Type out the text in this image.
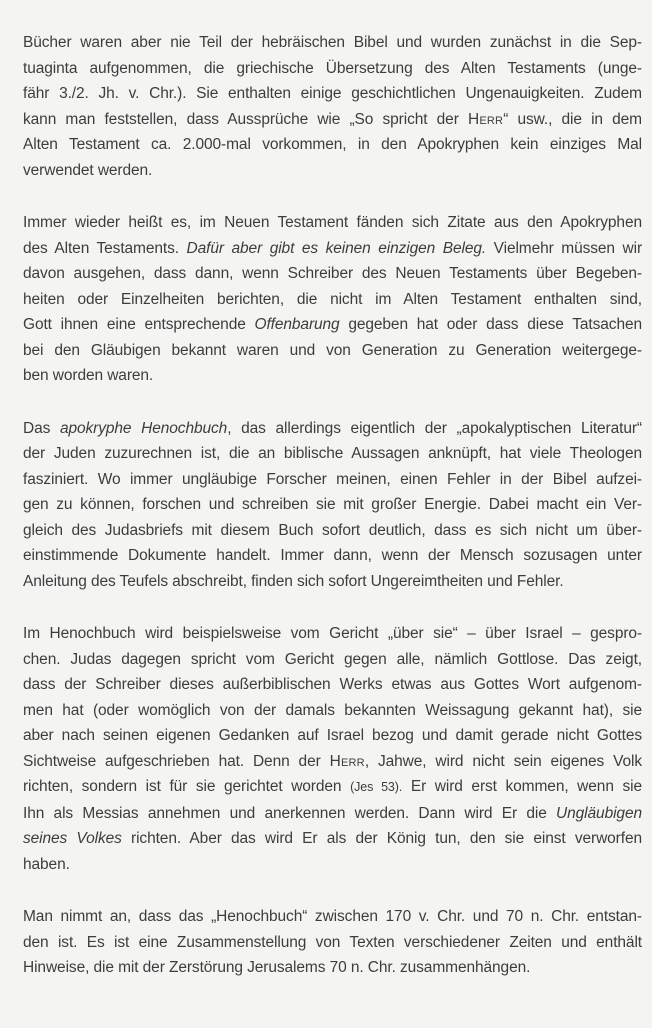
Bücher waren aber nie Teil der hebräischen Bibel und wurden zunächst in die Sep-
tuaginta aufgenommen, die griechische Übersetzung des Alten Testaments (unge-
fähr 3./2. Jh. v. Chr.). Sie enthalten einige geschichtlichen Ungenauigkeiten. Zudem
kann man feststellen, dass Aussprüche wie „So spricht der Herr“ usw., die in dem
Alten Testament ca. 2.000-mal vorkommen, in den Apokryphen kein einziges Mal
verwendet werden.
Immer wieder heißt es, im Neuen Testament fänden sich Zitate aus den Apokryphen
des Alten Testaments. Dafür aber gibt es keinen einzigen Beleg. Vielmehr müssen wir
davon ausgehen, dass dann, wenn Schreiber des Neuen Testaments über Begeben-
heiten oder Einzelheiten berichten, die nicht im Alten Testament enthalten sind,
Gott ihnen eine entsprechende Offenbarung gegeben hat oder dass diese Tatsachen
bei den Gläubigen bekannt waren und von Generation zu Generation weitergege-
ben worden waren.
Das apokryphe Henochbuch, das allerdings eigentlich der „apokalyptischen Literatur“
der Juden zuzurechnen ist, die an biblische Aussagen anknüpft, hat viele Theologen
fasziniert. Wo immer ungläubige Forscher meinen, einen Fehler in der Bibel aufzei-
gen zu können, forschen und schreiben sie mit großer Energie. Dabei macht ein Ver-
gleich des Judasbriefs mit diesem Buch sofort deutlich, dass es sich nicht um über-
einstimmende Dokumente handelt. Immer dann, wenn der Mensch sozusagen unter
Anleitung des Teufels abschreibt, finden sich sofort Ungereimtheiten und Fehler.
Im Henochbuch wird beispielsweise vom Gericht „über sie“ – über Israel – gespro-
chen. Judas dagegen spricht vom Gericht gegen alle, nämlich Gottlose. Das zeigt,
dass der Schreiber dieses außerbiblischen Werks etwas aus Gottes Wort aufgenom-
men hat (oder womöglich von der damals bekannten Weissagung gekannt hat), sie
aber nach seinen eigenen Gedanken auf Israel bezog und damit gerade nicht Gottes
Sichtweise aufgeschrieben hat. Denn der Herr, Jahwe, wird nicht sein eigenes Volk
richten, sondern ist für sie gerichtet worden (Jes 53). Er wird erst kommen, wenn sie
Ihn als Messias annehmen und anerkennen werden. Dann wird Er die Ungläubigen
seines Volkes richten. Aber das wird Er als der König tun, den sie einst verworfen
haben.
Man nimmt an, dass das „Henochbuch“ zwischen 170 v. Chr. und 70 n. Chr. entstan-
den ist. Es ist eine Zusammenstellung von Texten verschiedener Zeiten und enthält
Hinweise, die mit der Zerstörung Jerusalems 70 n. Chr. zusammenhängen.
